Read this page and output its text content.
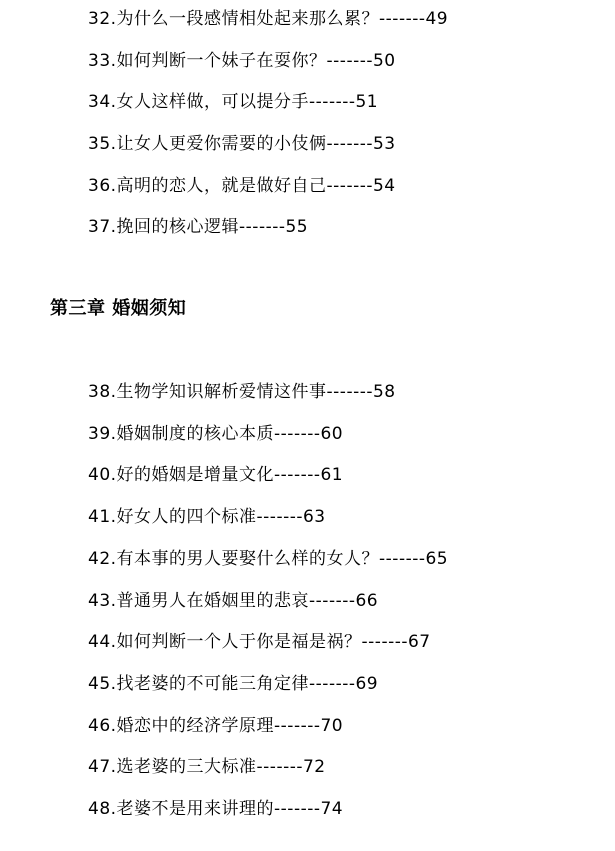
32.为什么一段感情相处起来那么累？-------49
33.如何判断一个妹子在耍你？-------50
34.女人这样做，可以提分手-------51
35.让女人更爱你需要的小伎俩-------53
36.高明的恋人，就是做好自己-------54
37.挽回的核心逻辑-------55
第三章 婚姻须知
38.生物学知识解析爱情这件事-------58
39.婚姻制度的核心本质-------60
40.好的婚姻是增量文化-------61
41.好女人的四个标准-------63
42.有本事的男人要娶什么样的女人？-------65
43.普通男人在婚姻里的悲哀-------66
44.如何判断一个人于你是福是祸？-------67
45.找老婆的不可能三角定律-------69
46.婚恋中的经济学原理-------70
47.选老婆的三大标准-------72
48.老婆不是用来讲理的-------74
